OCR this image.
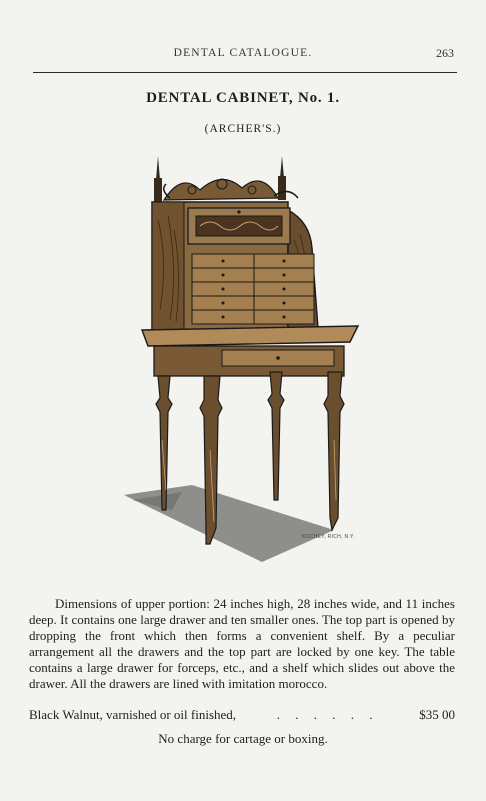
DENTAL CATALOGUE.	263
DENTAL CABINET, No. 1.
(ARCHER'S.)
KOCHEY, RICH, N.Y.

Dimensions of upper portion: 24 inches high, 28 inches wide, and 11 inches deep. It contains one large drawer and ten smaller ones. The top part is opened by dropping the front which then forms a convenient shelf. By a peculiar arrangement all the drawers and the top part are locked by one key. The table contains a large drawer for forceps, etc., and a shelf which slides out above the drawer. All the drawers are lined with imitation morocco.

Black Walnut, varnished or oil finished,	. . . . . .	$35 00
No charge for cartage or boxing.
